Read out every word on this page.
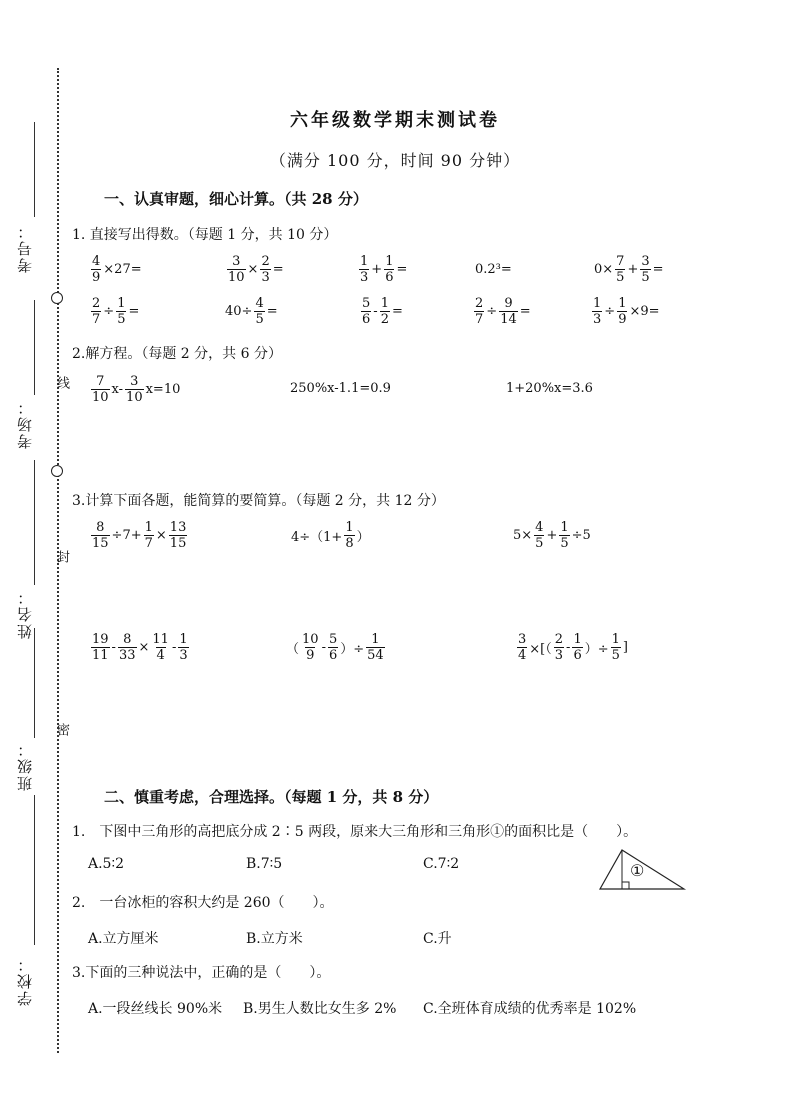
考号：
考场：
姓名：
班级：
学校：
线
封
密
六年级数学期末测试卷
（满分 100 分，时间 90 分钟）
一、认真审题，细心计算。（共 28 分）
1. 直接写出得数。（每题 1 分，共 10 分）
$\frac{4}{9} \times 27=$	$\frac{3}{10} \times \frac{2}{3}$ =	$\frac{1}{3} + \frac{1}{6}$ =	0.2³=	$0\times \frac{7}{5} + \frac{3}{5}$ =
$\frac{2}{7} \div \frac{1}{5}$ =	$40\div \frac{4}{5}$ =	$\frac{5}{6} - \frac{1}{2}$ =	$\frac{2}{7} \div \frac{9}{14}$ =	$\frac{1}{3} \div \frac{1}{9} \times 9=$
2.解方程。（每题 2 分，共 6 分）
$\frac{7}{10} x- \frac{3}{10} x=10$	250%x-1.1=0.9	1+20%x=3.6
3.计算下面各题，能简算的要简算。（每题 2 分，共 12 分）
$\frac{8}{15} \div 7+ \frac{1}{7} \times \frac{13}{15}$	$4\div(1+ \frac{1}{8}$ ）	$5\times \frac{4}{5} + \frac{1}{5} \div 5$
$\frac{19}{11} - \frac{8}{33} \times \frac{11}{4} - \frac{1}{3}$	（ $\frac{10}{9} - \frac{5}{6}$ ）÷ $\frac{1}{54}$	$\frac{3}{4}$ ×[（ $\frac{2}{3} - \frac{1}{6}$ ）÷ $\frac{1}{5}$ ]
二、慎重考虑，合理选择。（每题 1 分，共 8 分）
1.　下图中三角形的高把底分成 2∶5 两段，原来大三角形和三角形①的面积比是（　　）。
A.5∶2	B.7∶5	C.7∶2	①
2.　一台冰柜的容积大约是 260（　　）。
A.立方厘米	B.立方米	C.升
3.下面的三种说法中，正确的是（　　）。
A.一段丝线长 90%米 B.男生人数比女生多 2% C.全班体育成绩的优秀率是 102%
